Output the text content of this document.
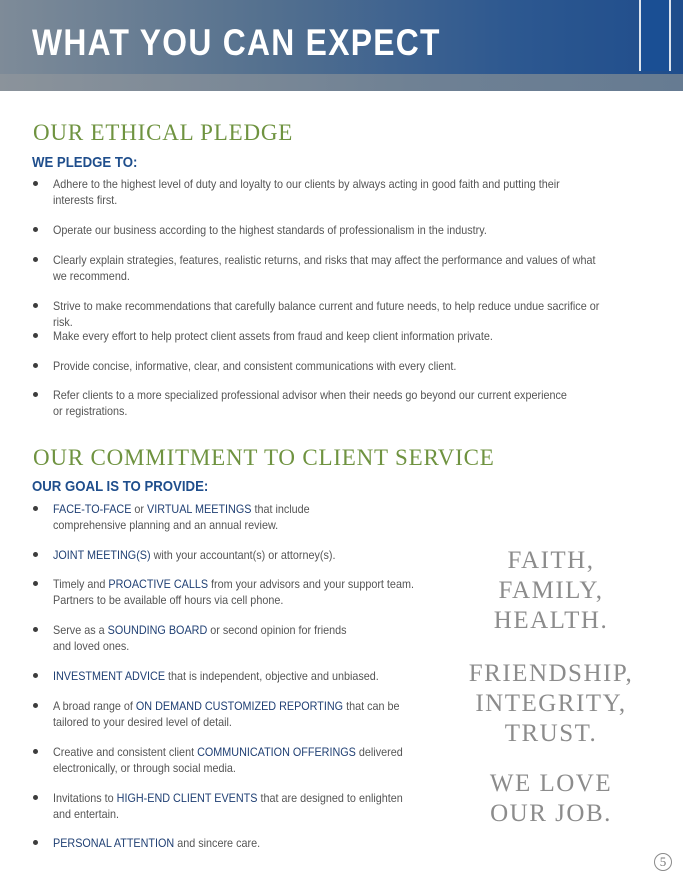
WHAT YOU CAN EXPECT
OUR ETHICAL PLEDGE
WE PLEDGE TO:
Adhere to the highest level of duty and loyalty to our clients by always acting in good faith and putting their
interests first.
Operate our business according to the highest standards of professionalism in the industry.
Clearly explain strategies, features, realistic returns, and risks that may affect the performance and values of what
we recommend.
Strive to make recommendations that carefully balance current and future needs, to help reduce undue sacrifice or risk.
Make every effort to help protect client assets from fraud and keep client information private.
Provide concise, informative, clear, and consistent communications with every client.
Refer clients to a more specialized professional advisor when their needs go beyond our current experience
or registrations.
OUR COMMITMENT TO CLIENT SERVICE
OUR GOAL IS TO PROVIDE:
FACE-TO-FACE or VIRTUAL MEETINGS that include
comprehensive planning and an annual review.
JOINT MEETING(S) with your accountant(s) or attorney(s).
Timely and PROACTIVE CALLS from your advisors and your support team.
Partners to be available off hours via cell phone.
Serve as a SOUNDING BOARD or second opinion for friends
and loved ones.
INVESTMENT ADVICE that is independent, objective and unbiased.
A broad range of ON DEMAND CUSTOMIZED REPORTING that can be
tailored to your desired level of detail.
Creative and consistent client COMMUNICATION OFFERINGS delivered
electronically, or through social media.
Invitations to HIGH-END CLIENT EVENTS that are designed to enlighten
and entertain.
PERSONAL ATTENTION and sincere care.
FAITH,
FAMILY,
HEALTH.
FRIENDSHIP,
INTEGRITY,
TRUST.
WE LOVE
OUR JOB.
5
